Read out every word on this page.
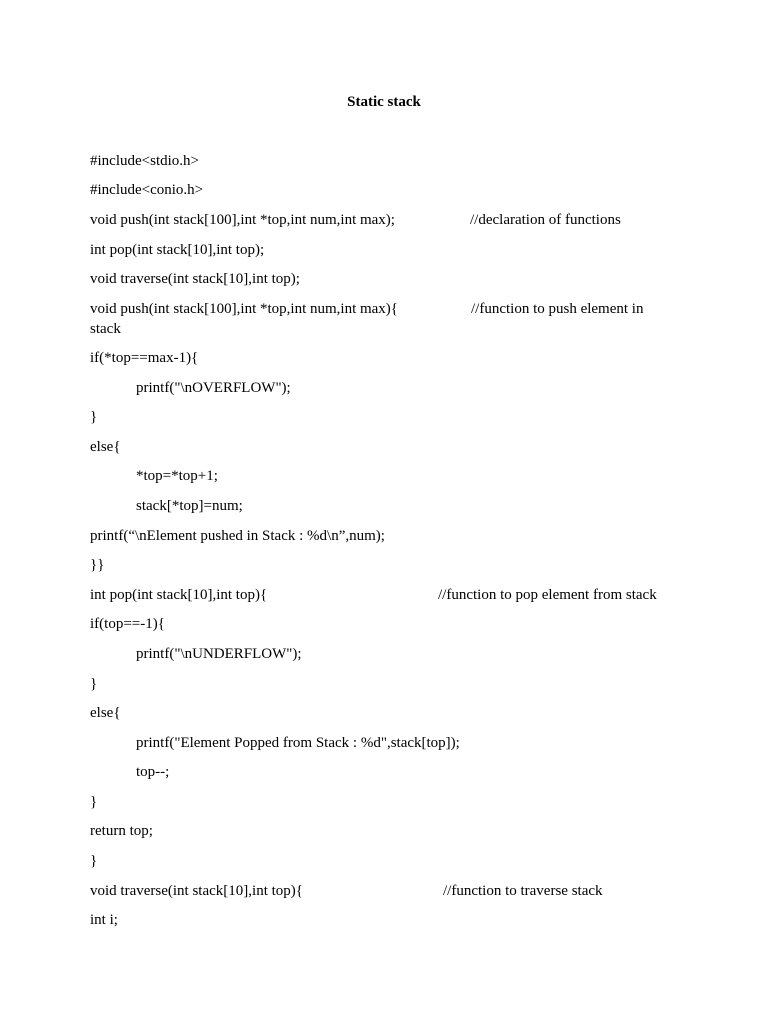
Static stack
#include<stdio.h>
#include<conio.h>
void push(int stack[100],int *top,int num,int max);	//declaration of functions
int pop(int stack[10],int top);
void traverse(int stack[10],int top);
void push(int stack[100],int *top,int num,int max){	//function to push element in
stack
if(*top==max-1){
printf("\nOVERFLOW");
}
else{
*top=*top+1;
stack[*top]=num;
printf(“\nElement pushed in Stack : %d\n”,num);
}}
int pop(int stack[10],int top){	//function to pop element from stack
if(top==-1){
printf("\nUNDERFLOW");
}
else{
printf("Element Popped from Stack : %d",stack[top]);
top--;
}
return top;
}
void traverse(int stack[10],int top){	//function to traverse stack
int i;
